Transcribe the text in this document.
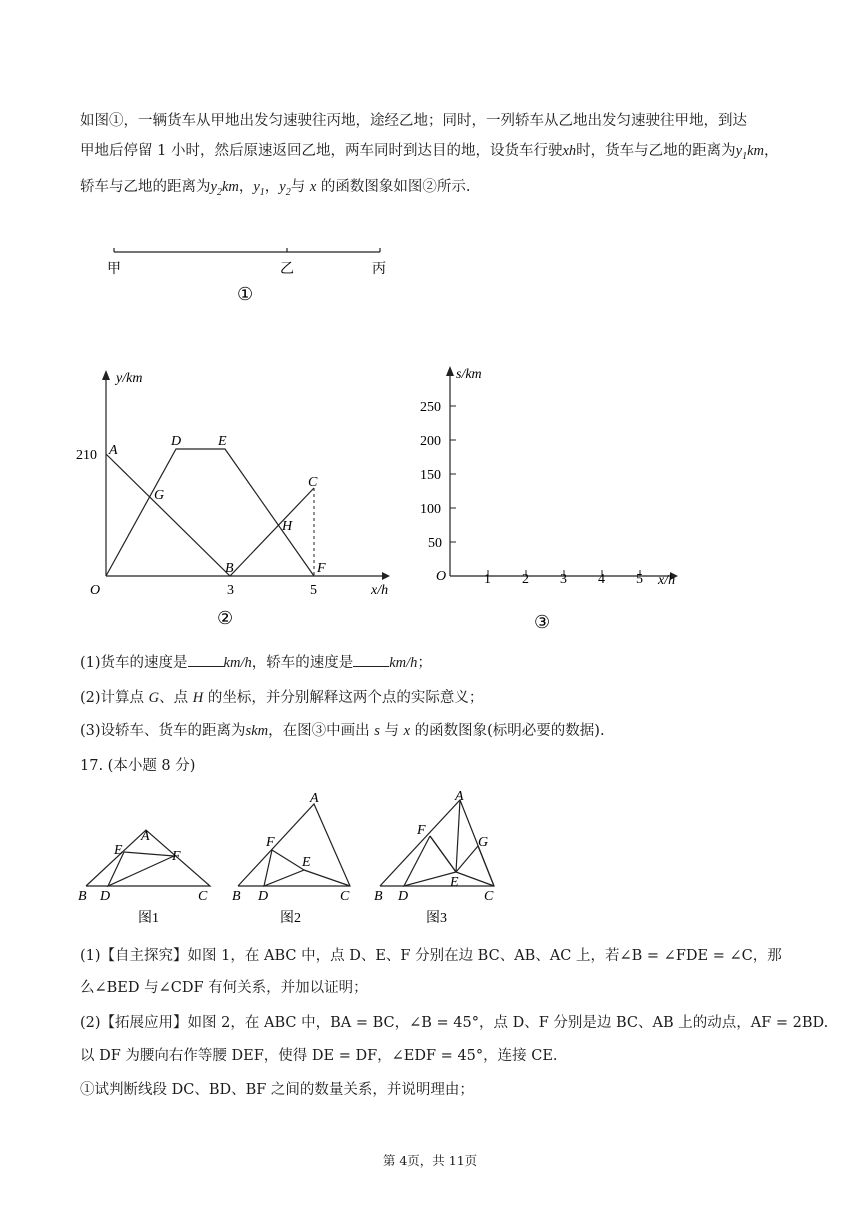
如图①，一辆货车从甲地出发匀速驶往丙地，途经乙地；同时，一列轿车从乙地出发匀速驶往甲地，到达
甲地后停留 1 小时，然后原速返回乙地，两车同时到达目的地，设货车行驶xh时，货车与乙地的距离为$y_1km$，
轿车与乙地的距离为$y_2km$，$y_1$，$y_2$与 x 的函数图象如图②所示.
甲	乙	丙
①
y/km
x/h
O
210
3	5
A
D	E
G
C
H
B	F
②
s/km
x/h
O
50
100
150
200
250
1 2 3 4 5
③
(1)货车的速度是 km/h，轿车的速度是 km/h；
(2)计算点 G、点 H 的坐标，并分别解释这两个点的实际意义；
(3)设轿车、货车的距离为skm，在图③中画出 s 与 x 的函数图象(标明必要的数据).
17. (本小题 8 分)
A
B	C
D
E	F
图1
A
B	C
D
E
F
图2
A
B	C
D
E
F
G
图3
(1)【自主探究】如图 1，在 ABC 中，点 D、E、F 分别在边 BC、AB、AC 上，若∠B = ∠FDE = ∠C，那
么∠BED 与∠CDF 有何关系，并加以证明；
(2)【拓展应用】如图 2，在 ABC 中，BA = BC，∠B = 45°，点 D、F 分别是边 BC、AB 上的动点，AF = 2BD.
以 DF 为腰向右作等腰 DEF，使得 DE = DF，∠EDF = 45°，连接 CE.
①试判断线段 DC、BD、BF 之间的数量关系，并说明理由；
第 4页，共 11页
